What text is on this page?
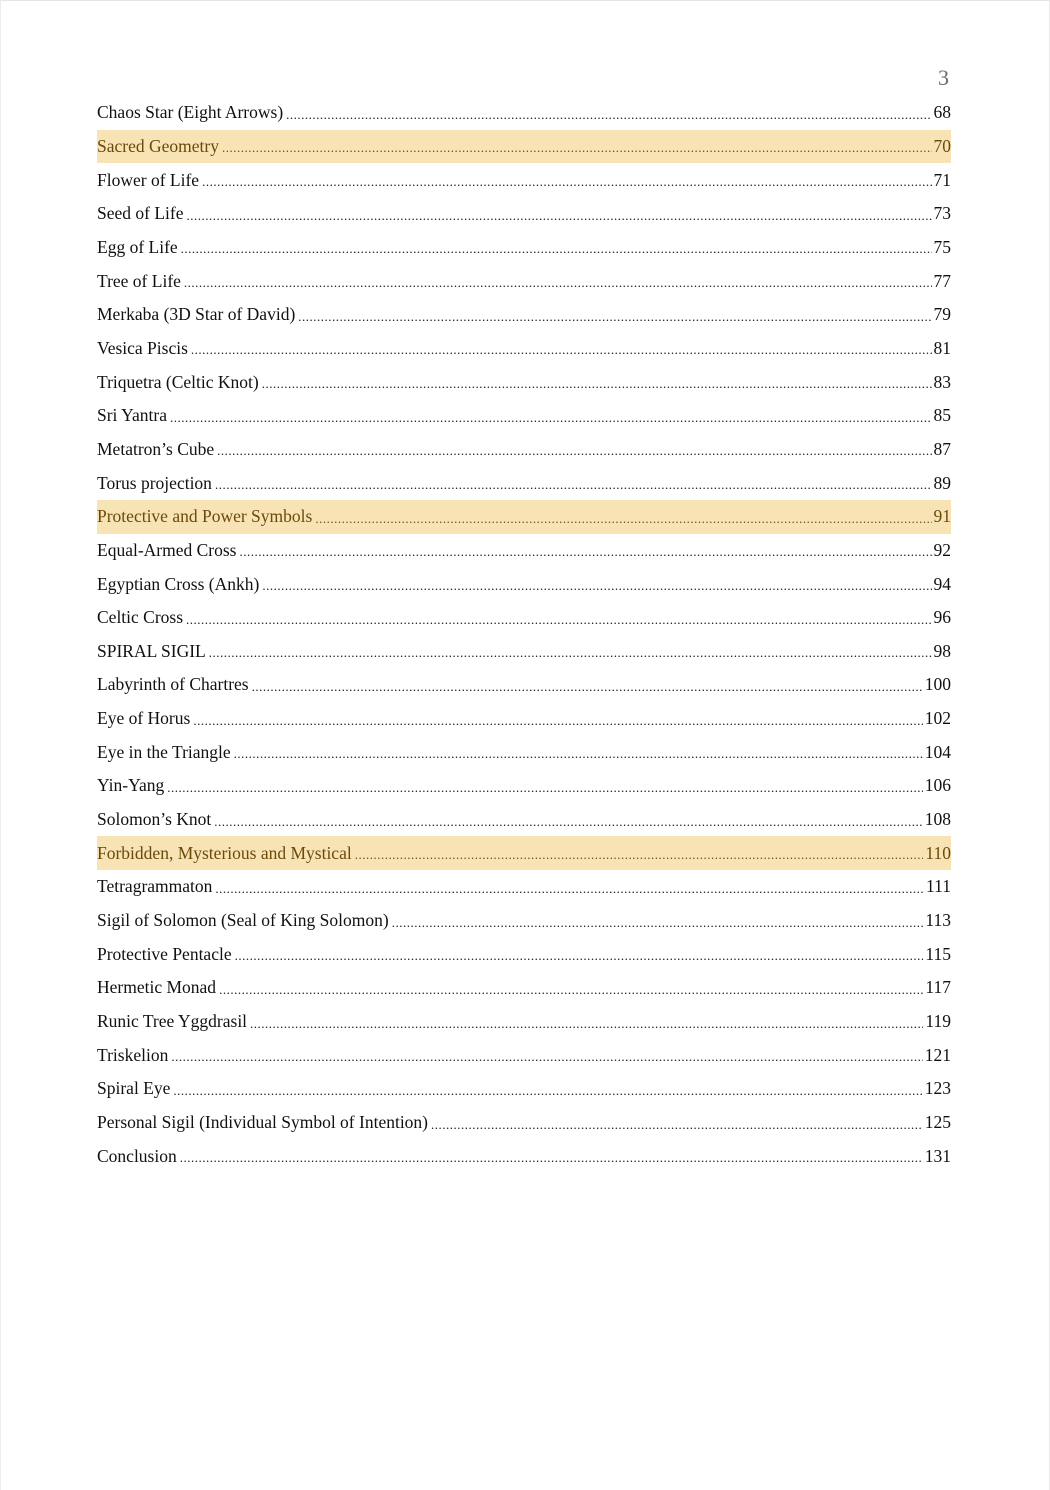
3
Chaos Star (Eight Arrows) .....	68
Sacred Geometry .....	70
Flower of Life .....	71
Seed of Life .....	73
Egg of Life .....	75
Tree of Life .....	77
Merkaba (3D Star of David) .....	79
Vesica Piscis .....	81
Triquetra (Celtic Knot) .....	83
Sri Yantra .....	85
Metatron’s Cube .....	87
Torus projection .....	89
Protective and Power Symbols .....	91
Equal-Armed Cross .....	92
Egyptian Cross (Ankh) .....	94
Celtic Cross .....	96
SPIRAL SIGIL .....	98
Labyrinth of Chartres .....	100
Eye of Horus .....	102
Eye in the Triangle .....	104
Yin-Yang .....	106
Solomon’s Knot .....	108
Forbidden, Mysterious and Mystical .....	110
Tetragrammaton .....	111
Sigil of Solomon (Seal of King Solomon) .....	113
Protective Pentacle .....	115
Hermetic Monad .....	117
Runic Tree Yggdrasil .....	119
Triskelion .....	121
Spiral Eye .....	123
Personal Sigil (Individual Symbol of Intention) .....	125
Conclusion .....	131
